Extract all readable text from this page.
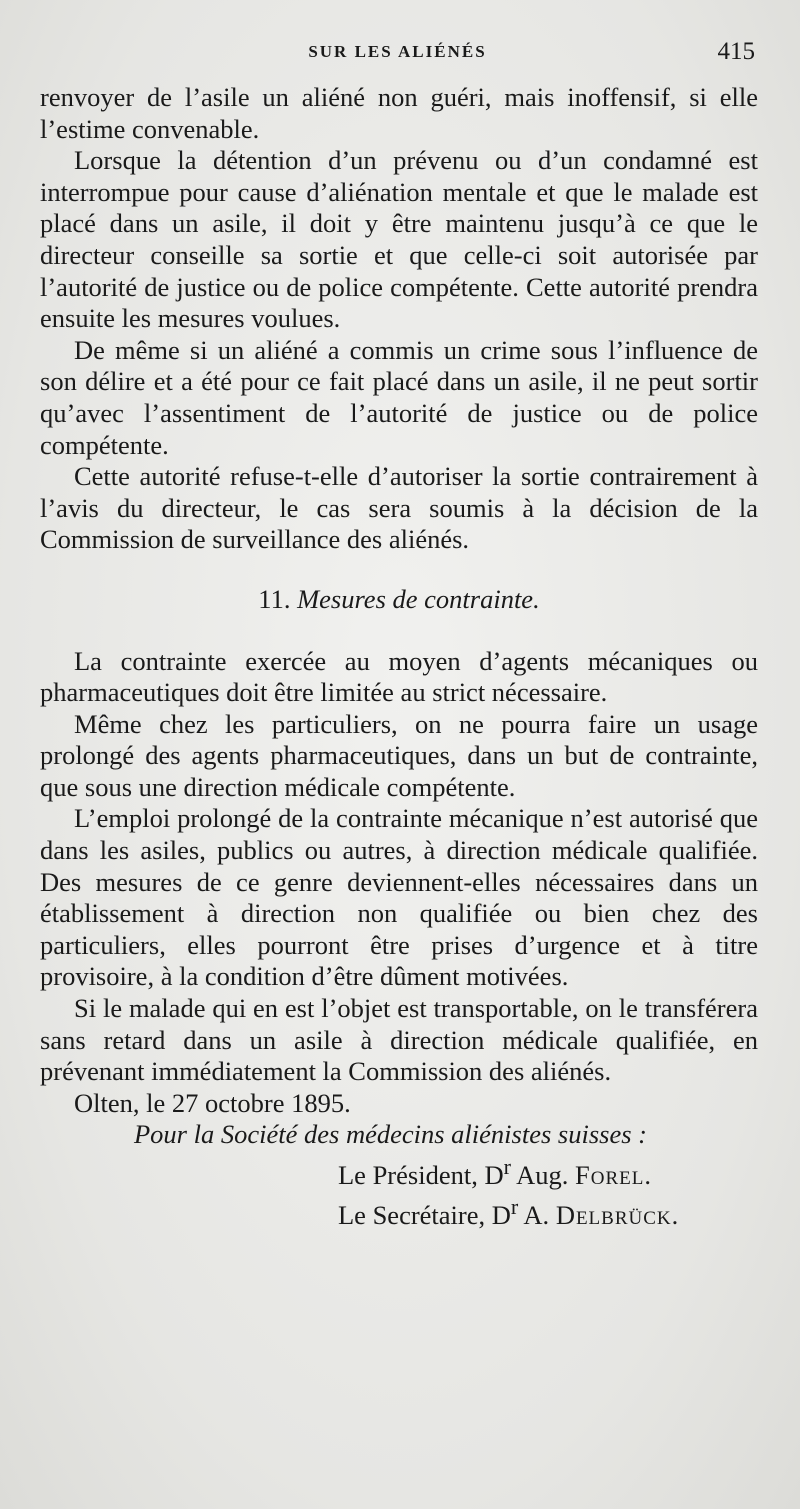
SUR LES ALIÉNÉS	415

renvoyer de l’asile un aliéné non guéri, mais inoffensif, si elle l’estime convenable.

Lorsque la détention d’un prévenu ou d’un condamné est interrompue pour cause d’aliénation mentale et que le malade est placé dans un asile, il doit y être maintenu jusqu’à ce que le directeur conseille sa sortie et que celle-ci soit autorisée par l’autorité de justice ou de police compétente. Cette autorité prendra ensuite les mesures voulues.

De même si un aliéné a commis un crime sous l’influence de son délire et a été pour ce fait placé dans un asile, il ne peut sortir qu’avec l’assentiment de l’autorité de justice ou de police compétente.

Cette autorité refuse-t-elle d’autoriser la sortie contrairement à l’avis du directeur, le cas sera soumis à la décision de la Commission de surveillance des aliénés.

11. Mesures de contrainte.

La contrainte exercée au moyen d’agents mécaniques ou pharmaceutiques doit être limitée au strict nécessaire.

Même chez les particuliers, on ne pourra faire un usage prolongé des agents pharmaceutiques, dans un but de contrainte, que sous une direction médicale compétente.

L’emploi prolongé de la contrainte mécanique n’est autorisé que dans les asiles, publics ou autres, à direction médicale qualifiée. Des mesures de ce genre deviennent-elles nécessaires dans un établissement à direction non qualifiée ou bien chez des particuliers, elles pourront être prises d’urgence et à titre provisoire, à la condition d’être dûment motivées.

Si le malade qui en est l’objet est transportable, on le transférera sans retard dans un asile à direction médicale qualifiée, en prévenant immédiatement la Commission des aliénés.

Olten, le 27 octobre 1895.

Pour la Société des médecins aliénistes suisses :

Le Président, $D^r$ Aug. Forel.

Le Secrétaire, $D^r$ A. Delbrück.
